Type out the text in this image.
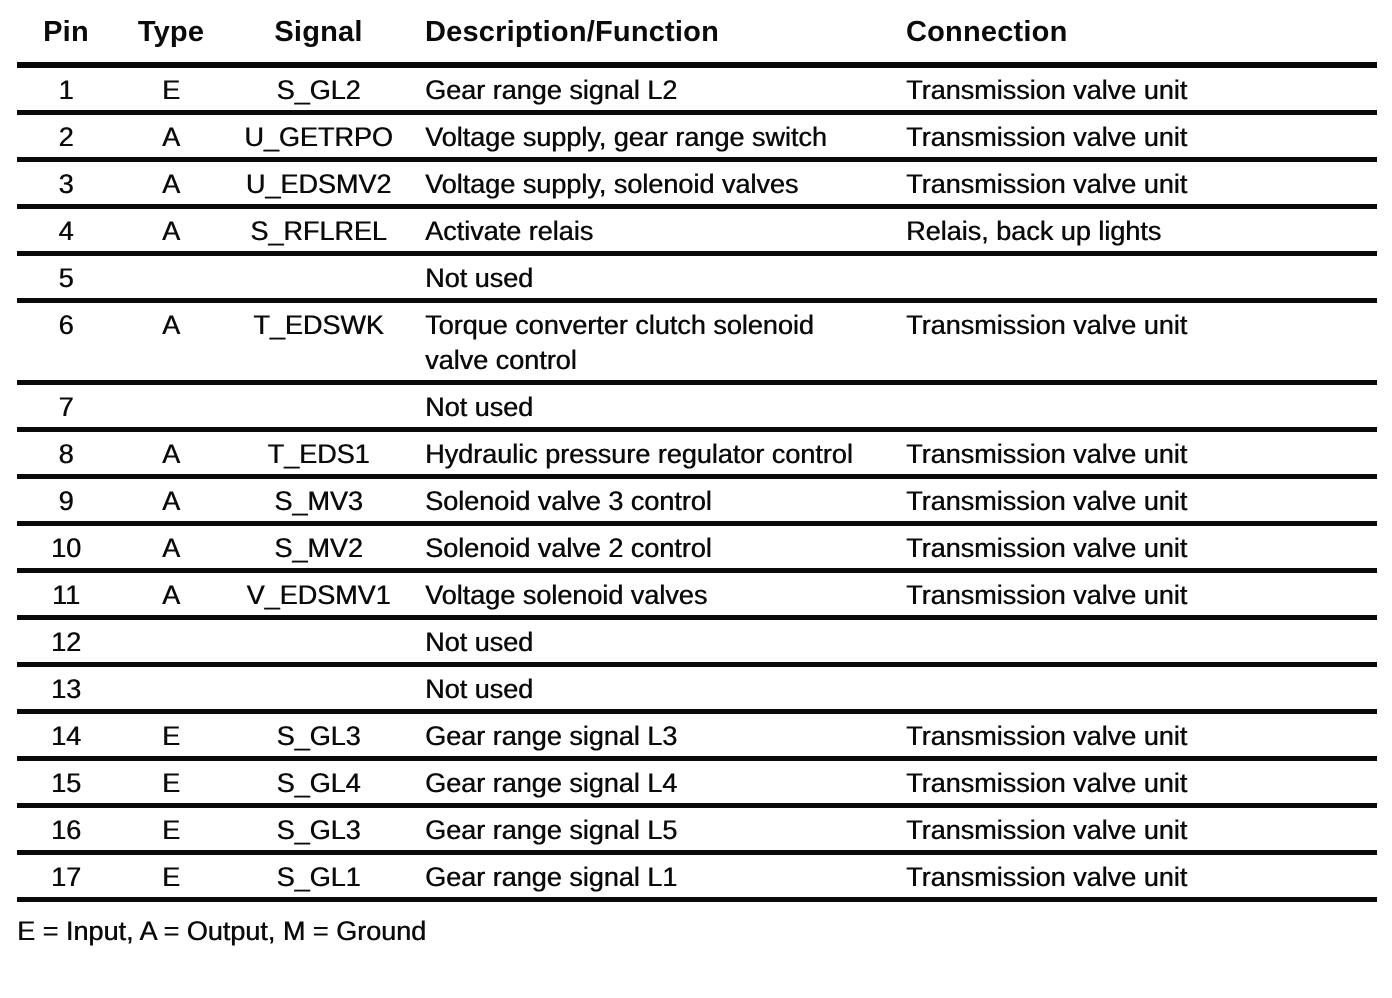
Pin	Type	Signal	Description/Function	Connection
1	E	S_GL2	Gear range signal L2	Transmission valve unit
2	A	U_GETRPO	Voltage supply, gear range switch	Transmission valve unit
3	A	U_EDSMV2	Voltage supply, solenoid valves	Transmission valve unit
4	A	S_RFLREL	Activate relais	Relais, back up lights
5			Not used	
6	A	T_EDSWK	Torque converter clutch solenoid valve control	Transmission valve unit
7			Not used	
8	A	T_EDS1	Hydraulic pressure regulator control	Transmission valve unit
9	A	S_MV3	Solenoid valve 3 control	Transmission valve unit
10	A	S_MV2	Solenoid valve 2 control	Transmission valve unit
11	A	V_EDSMV1	Voltage solenoid valves	Transmission valve unit
12			Not used	
13			Not used	
14	E	S_GL3	Gear range signal L3	Transmission valve unit
15	E	S_GL4	Gear range signal L4	Transmission valve unit
16	E	S_GL3	Gear range signal L5	Transmission valve unit
17	E	S_GL1	Gear range signal L1	Transmission valve unit
E = Input, A = Output, M = Ground
